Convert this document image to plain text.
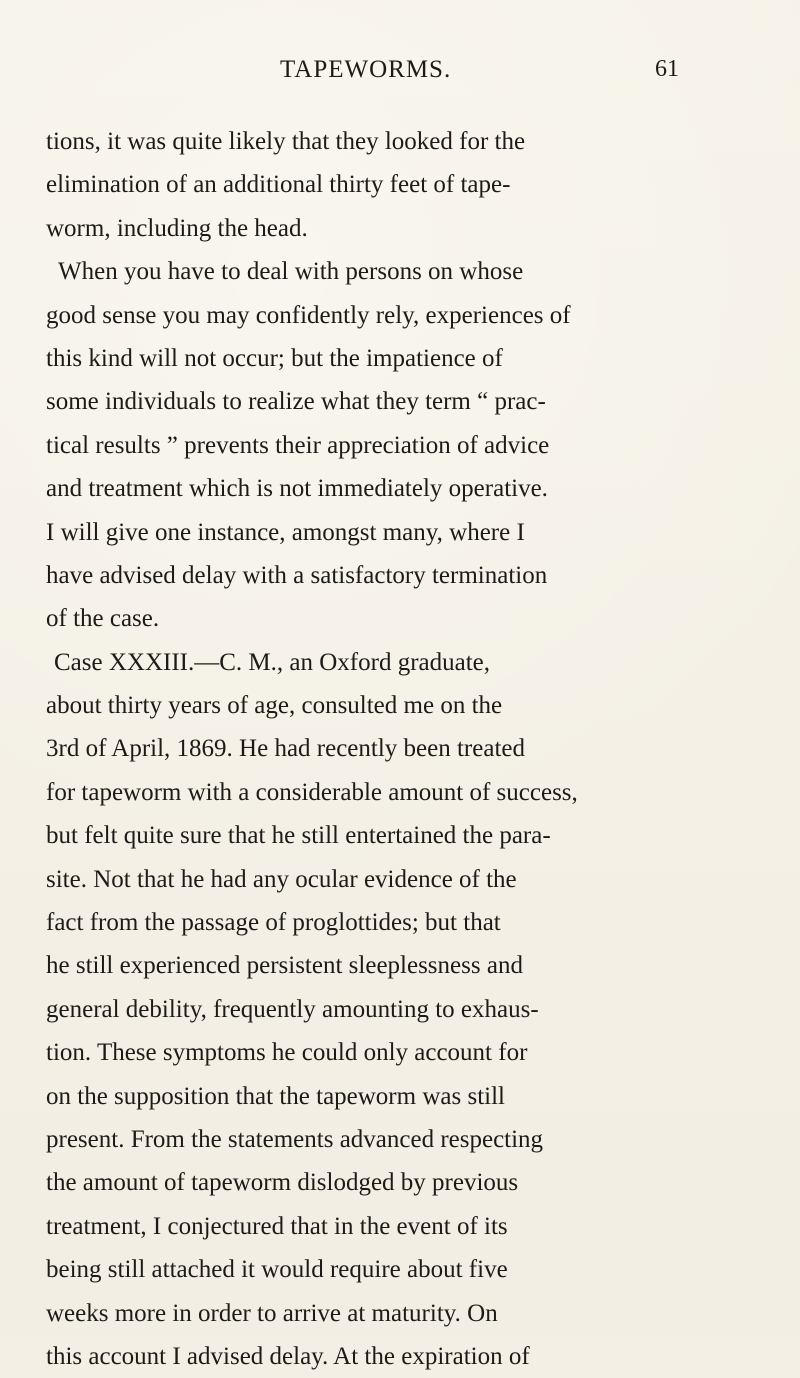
TAPEWORMS.	61
tions, it was quite likely that they looked for the
elimination of an additional thirty feet of tape-
worm, including the head.
When you have to deal with persons on whose
good sense you may confidently rely, experiences of
this kind will not occur; but the impatience of
some individuals to realize what they term “ prac-
tical results ” prevents their appreciation of advice
and treatment which is not immediately operative.
I will give one instance, amongst many, where I
have advised delay with a satisfactory termination
of the case.
Case XXXIII.—C. M., an Oxford graduate,
about thirty years of age, consulted me on the
3rd of April, 1869. He had recently been treated
for tapeworm with a considerable amount of success,
but felt quite sure that he still entertained the para-
site. Not that he had any ocular evidence of the
fact from the passage of proglottides; but that
he still experienced persistent sleeplessness and
general debility, frequently amounting to exhaus-
tion. These symptoms he could only account for
on the supposition that the tapeworm was still
present. From the statements advanced respecting
the amount of tapeworm dislodged by previous
treatment, I conjectured that in the event of its
being still attached it would require about five
weeks more in order to arrive at maturity. On
this account I advised delay. At the expiration of
